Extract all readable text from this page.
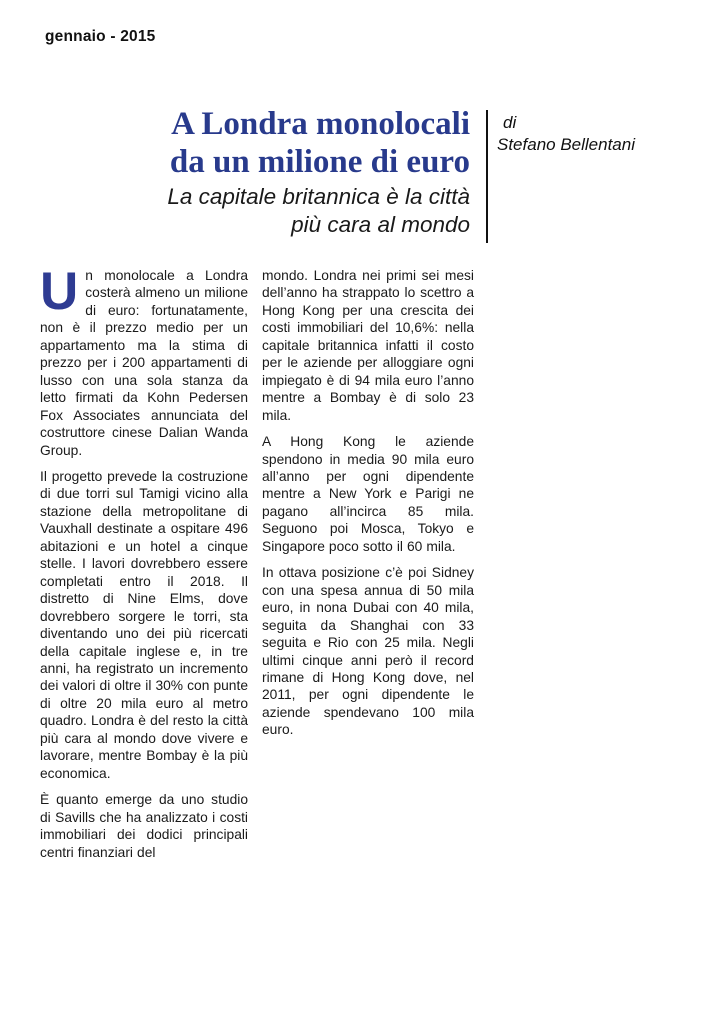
gennaio - 2015
A Londra monolocali
da un milione di euro
La capitale britannica è la città
più cara al mondo
di
Stefano Bellentani

Un monolocale a Londra costerà almeno un milione di euro: fortunatamente, non è il prezzo medio per un appartamento ma la stima di prezzo per i 200 appartamenti di lusso con una sola stanza da letto firmati da Kohn Pedersen Fox Associates annunciata del costruttore cinese Dalian Wanda Group.

Il progetto prevede la costruzione di due torri sul Tamigi vicino alla stazione della metropolitane di Vauxhall destinate a ospitare 496 abitazioni e un hotel a cinque stelle. I lavori dovrebbero essere completati entro il 2018. Il distretto di Nine Elms, dove dovrebbero sorgere le torri, sta diventando uno dei più ricercati della capitale inglese e, in tre anni, ha registrato un incremento dei valori di oltre il 30% con punte di oltre 20 mila euro al metro quadro. Londra è del resto la città più cara al mondo dove vivere e lavorare, mentre Bombay è la più economica.

È quanto emerge da uno studio di Savills che ha analizzato i costi immobiliari dei dodici principali centri finanziari del

mondo. Londra nei primi sei mesi dell’anno ha strappato lo scettro a Hong Kong per una crescita dei costi immobiliari del 10,6%: nella capitale britannica infatti il costo per le aziende per alloggiare ogni impiegato è di 94 mila euro l’anno mentre a Bombay è di solo 23 mila.

A Hong Kong le aziende spendono in media 90 mila euro all’anno per ogni dipendente mentre a New York e Parigi ne pagano all’incirca 85 mila. Seguono poi Mosca, Tokyo e Singapore poco sotto il 60 mila.

In ottava posizione c’è poi Sidney con una spesa annua di 50 mila euro, in nona Dubai con 40 mila, seguita da Shanghai con 33 seguita e Rio con 25 mila. Negli ultimi cinque anni però il record rimane di Hong Kong dove, nel 2011, per ogni dipendente le aziende spendevano 100 mila euro.
